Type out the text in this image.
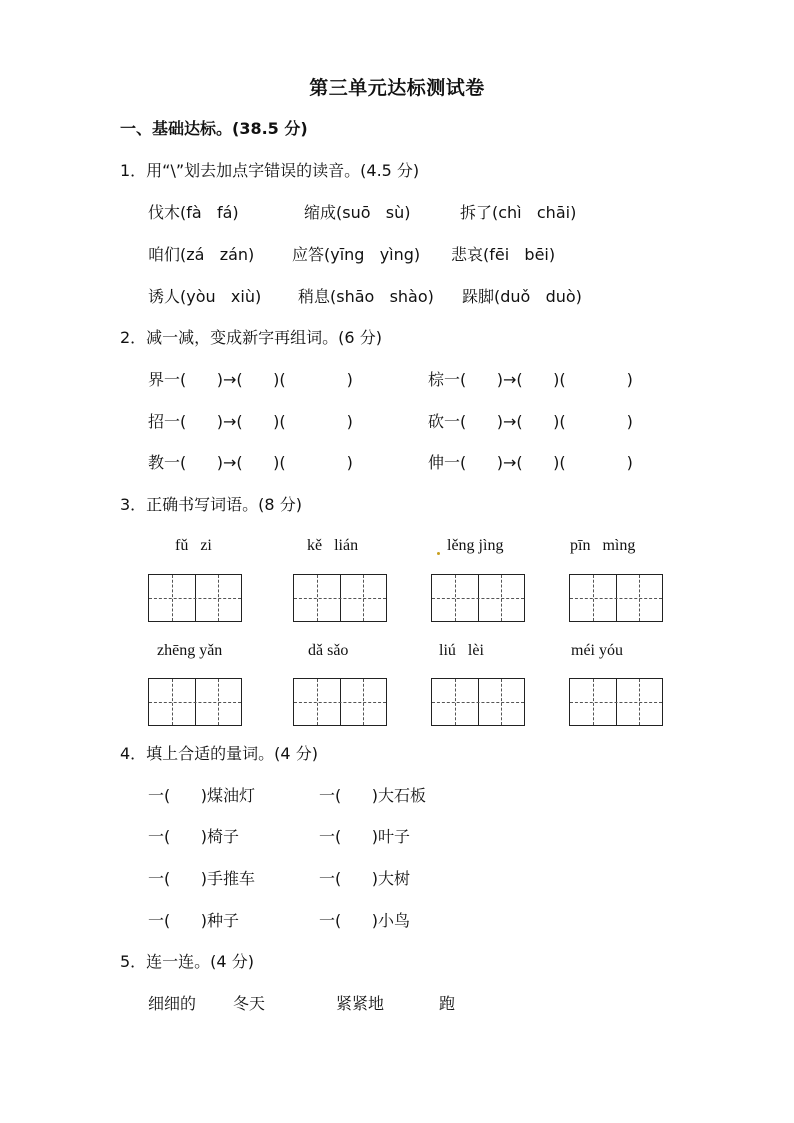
第三单元达标测试卷
一、基础达标。(38.5 分)
1．用“\”划去加点字错误的读音。(4.5 分)
伐木(fà   fá)	缩成(suō   sù)	拆了(chì   chāi)
咱们(zá   zán) 应答(yīng   yìng) 悲哀(fēi   bēi)
诱人(yòu   xiù) 稍息(shāo   shào) 跺脚(duǒ   duò)
2．减一减，变成新字再组词。(6 分)
界一(      )→(      )(            )	棕一(      )→(      )(            )
招一(      )→(      )(            )	砍一(      )→(      )(            )
教一(      )→(      )(            )	伸一(      )→(      )(            )
3．正确书写词语。(8 分)
fǔ   zi	kě   lián	lěng jìng	pīn   mìng
zhēng yǎn	dǎ sǎo	liú   lèi	méi yóu
4．填上合适的量词。(4 分)
一(      )煤油灯	一(      )大石板
一(      )椅子	一(      )叶子
一(      )手推车	一(      )大树
一(      )种子	一(      )小鸟
5．连一连。(4 分)
细细的 冬天	紧紧地	跑
